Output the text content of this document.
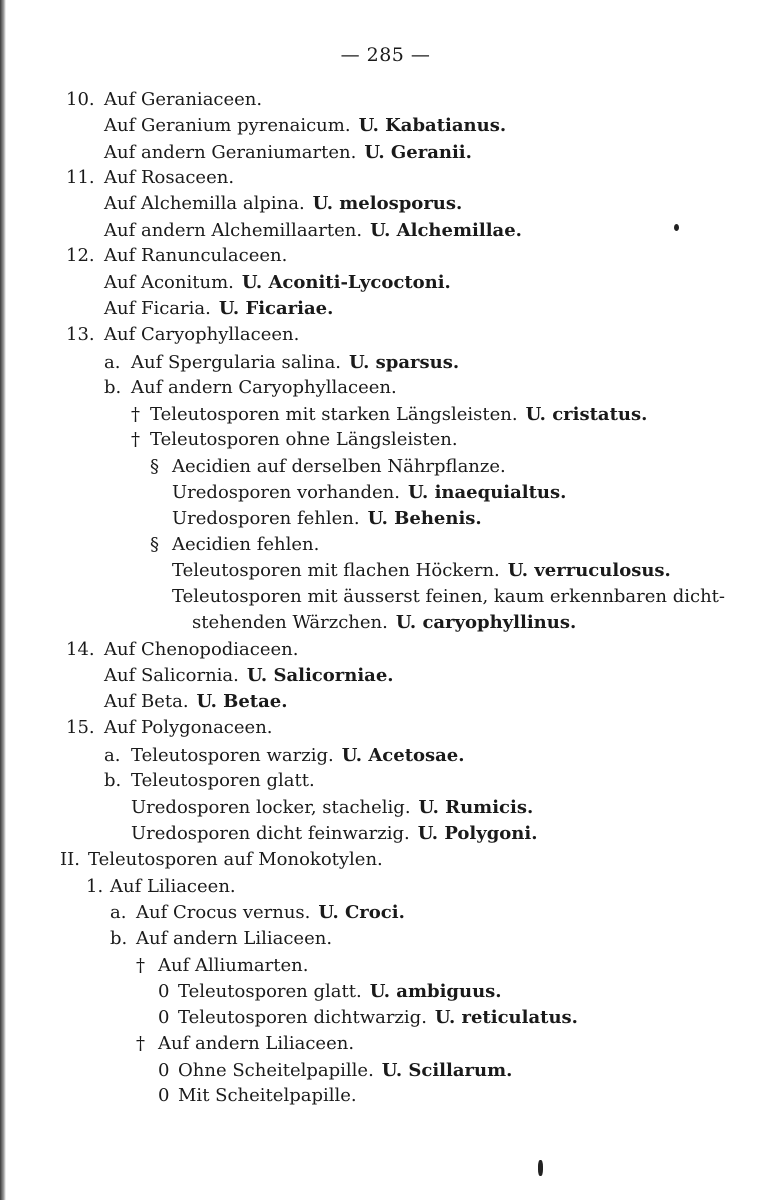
— 285 —
10. Auf Geraniaceen.
Auf Geranium pyrenaicum. U. Kabatianus.
Auf andern Geraniumarten. U. Geranii.
11. Auf Rosaceen.
Auf Alchemilla alpina. U. melosporus.
Auf andern Alchemillaarten. U. Alchemillae.
12. Auf Ranunculaceen.
Auf Aconitum. U. Aconiti-Lycoctoni.
Auf Ficaria. U. Ficariae.
13. Auf Caryophyllaceen.
a. Auf Spergularia salina. U. sparsus.
b. Auf andern Caryophyllaceen.
† Teleutosporen mit starken Längsleisten. U. cristatus.
† Teleutosporen ohne Längsleisten.
§ Aecidien auf derselben Nährpflanze.
Uredosporen vorhanden. U. inaequialtus.
Uredosporen fehlen. U. Behenis.
§ Aecidien fehlen.
Teleutosporen mit flachen Höckern. U. verruculosus.
Teleutosporen mit äusserst feinen, kaum erkennbaren dicht-
stehenden Wärzchen. U. caryophyllinus.
14. Auf Chenopodiaceen.
Auf Salicornia. U. Salicorniae.
Auf Beta. U. Betae.
15. Auf Polygonaceen.
a. Teleutosporen warzig. U. Acetosae.
b. Teleutosporen glatt.
Uredosporen locker, stachelig. U. Rumicis.
Uredosporen dicht feinwarzig. U. Polygoni.
II. Teleutosporen auf Monokotylen.
1. Auf Liliaceen.
a. Auf Crocus vernus. U. Croci.
b. Auf andern Liliaceen.
† Auf Alliumarten.
0 Teleutosporen glatt. U. ambiguus.
0 Teleutosporen dichtwarzig. U. reticulatus.
† Auf andern Liliaceen.
0 Ohne Scheitelpapille. U. Scillarum.
0 Mit Scheitelpapille.
